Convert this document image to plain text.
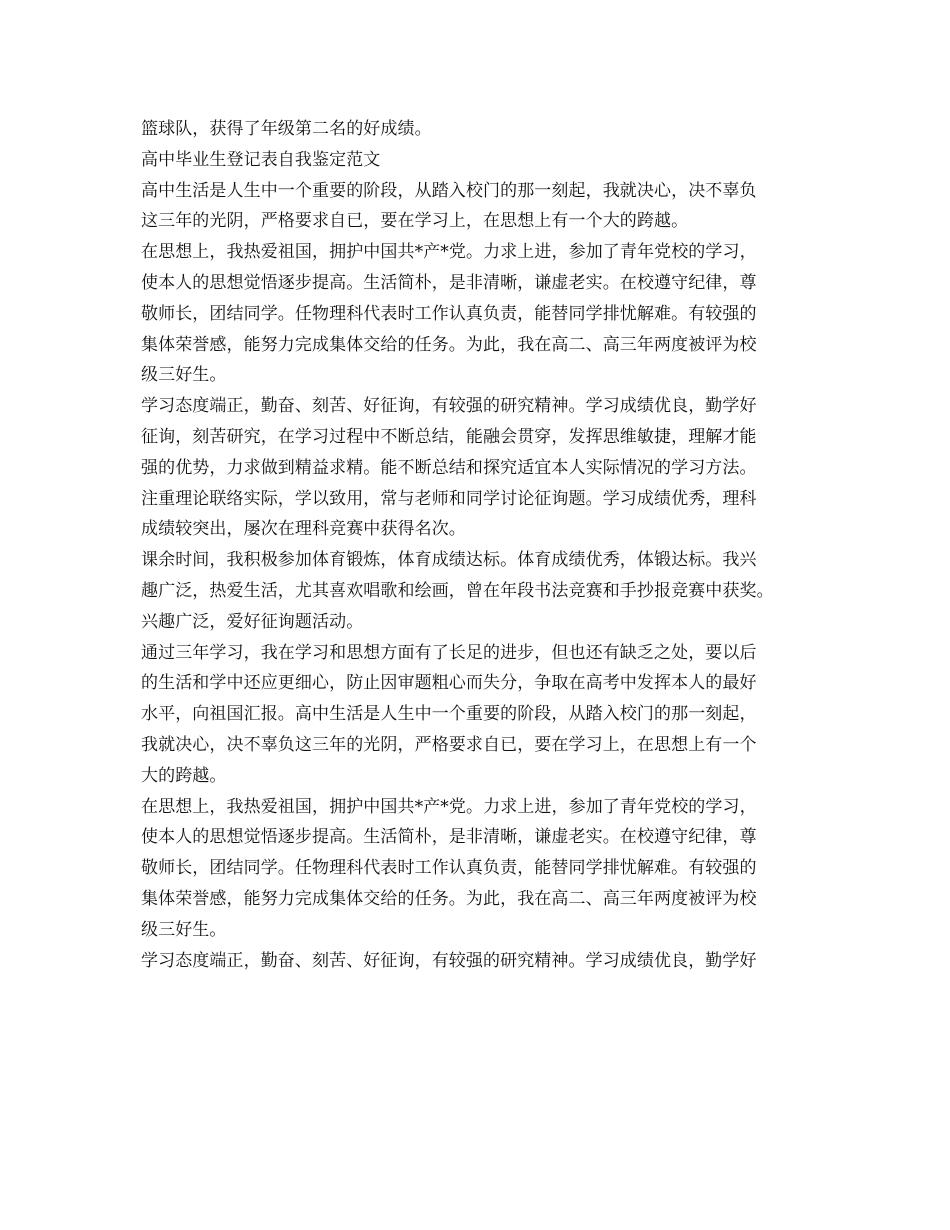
篮球队，获得了年级第二名的好成绩。
高中毕业生登记表自我鉴定范文
高中生活是人生中一个重要的阶段，从踏入校门的那一刻起，我就决心，决不辜负
这三年的光阴，严格要求自已，要在学习上，在思想上有一个大的跨越。
在思想上，我热爱祖国，拥护中国共*产*党。力求上进，参加了青年党校的学习，
使本人的思想觉悟逐步提高。生活简朴，是非清晰，谦虚老实。在校遵守纪律，尊
敬师长，团结同学。任物理科代表时工作认真负责，能替同学排忧解难。有较强的
集体荣誉感，能努力完成集体交给的任务。为此，我在高二、高三年两度被评为校
级三好生。
学习态度端正，勤奋、刻苦、好征询，有较强的研究精神。学习成绩优良，勤学好
征询，刻苦研究，在学习过程中不断总结，能融会贯穿，发挥思维敏捷，理解才能
强的优势，力求做到精益求精。能不断总结和探究适宜本人实际情况的学习方法。
注重理论联络实际，学以致用，常与老师和同学讨论征询题。学习成绩优秀，理科
成绩较突出，屡次在理科竞赛中获得名次。
课余时间，我积极参加体育锻炼，体育成绩达标。体育成绩优秀，体锻达标。我兴
趣广泛，热爱生活，尤其喜欢唱歌和绘画，曾在年段书法竞赛和手抄报竞赛中获奖。
兴趣广泛，爱好征询题活动。
通过三年学习，我在学习和思想方面有了长足的进步，但也还有缺乏之处，要以后
的生活和学中还应更细心，防止因审题粗心而失分，争取在高考中发挥本人的最好
水平，向祖国汇报。高中生活是人生中一个重要的阶段，从踏入校门的那一刻起，
我就决心，决不辜负这三年的光阴，严格要求自已，要在学习上，在思想上有一个
大的跨越。
在思想上，我热爱祖国，拥护中国共*产*党。力求上进，参加了青年党校的学习，
使本人的思想觉悟逐步提高。生活简朴，是非清晰，谦虚老实。在校遵守纪律，尊
敬师长，团结同学。任物理科代表时工作认真负责，能替同学排忧解难。有较强的
集体荣誉感，能努力完成集体交给的任务。为此，我在高二、高三年两度被评为校
级三好生。
学习态度端正，勤奋、刻苦、好征询，有较强的研究精神。学习成绩优良，勤学好
